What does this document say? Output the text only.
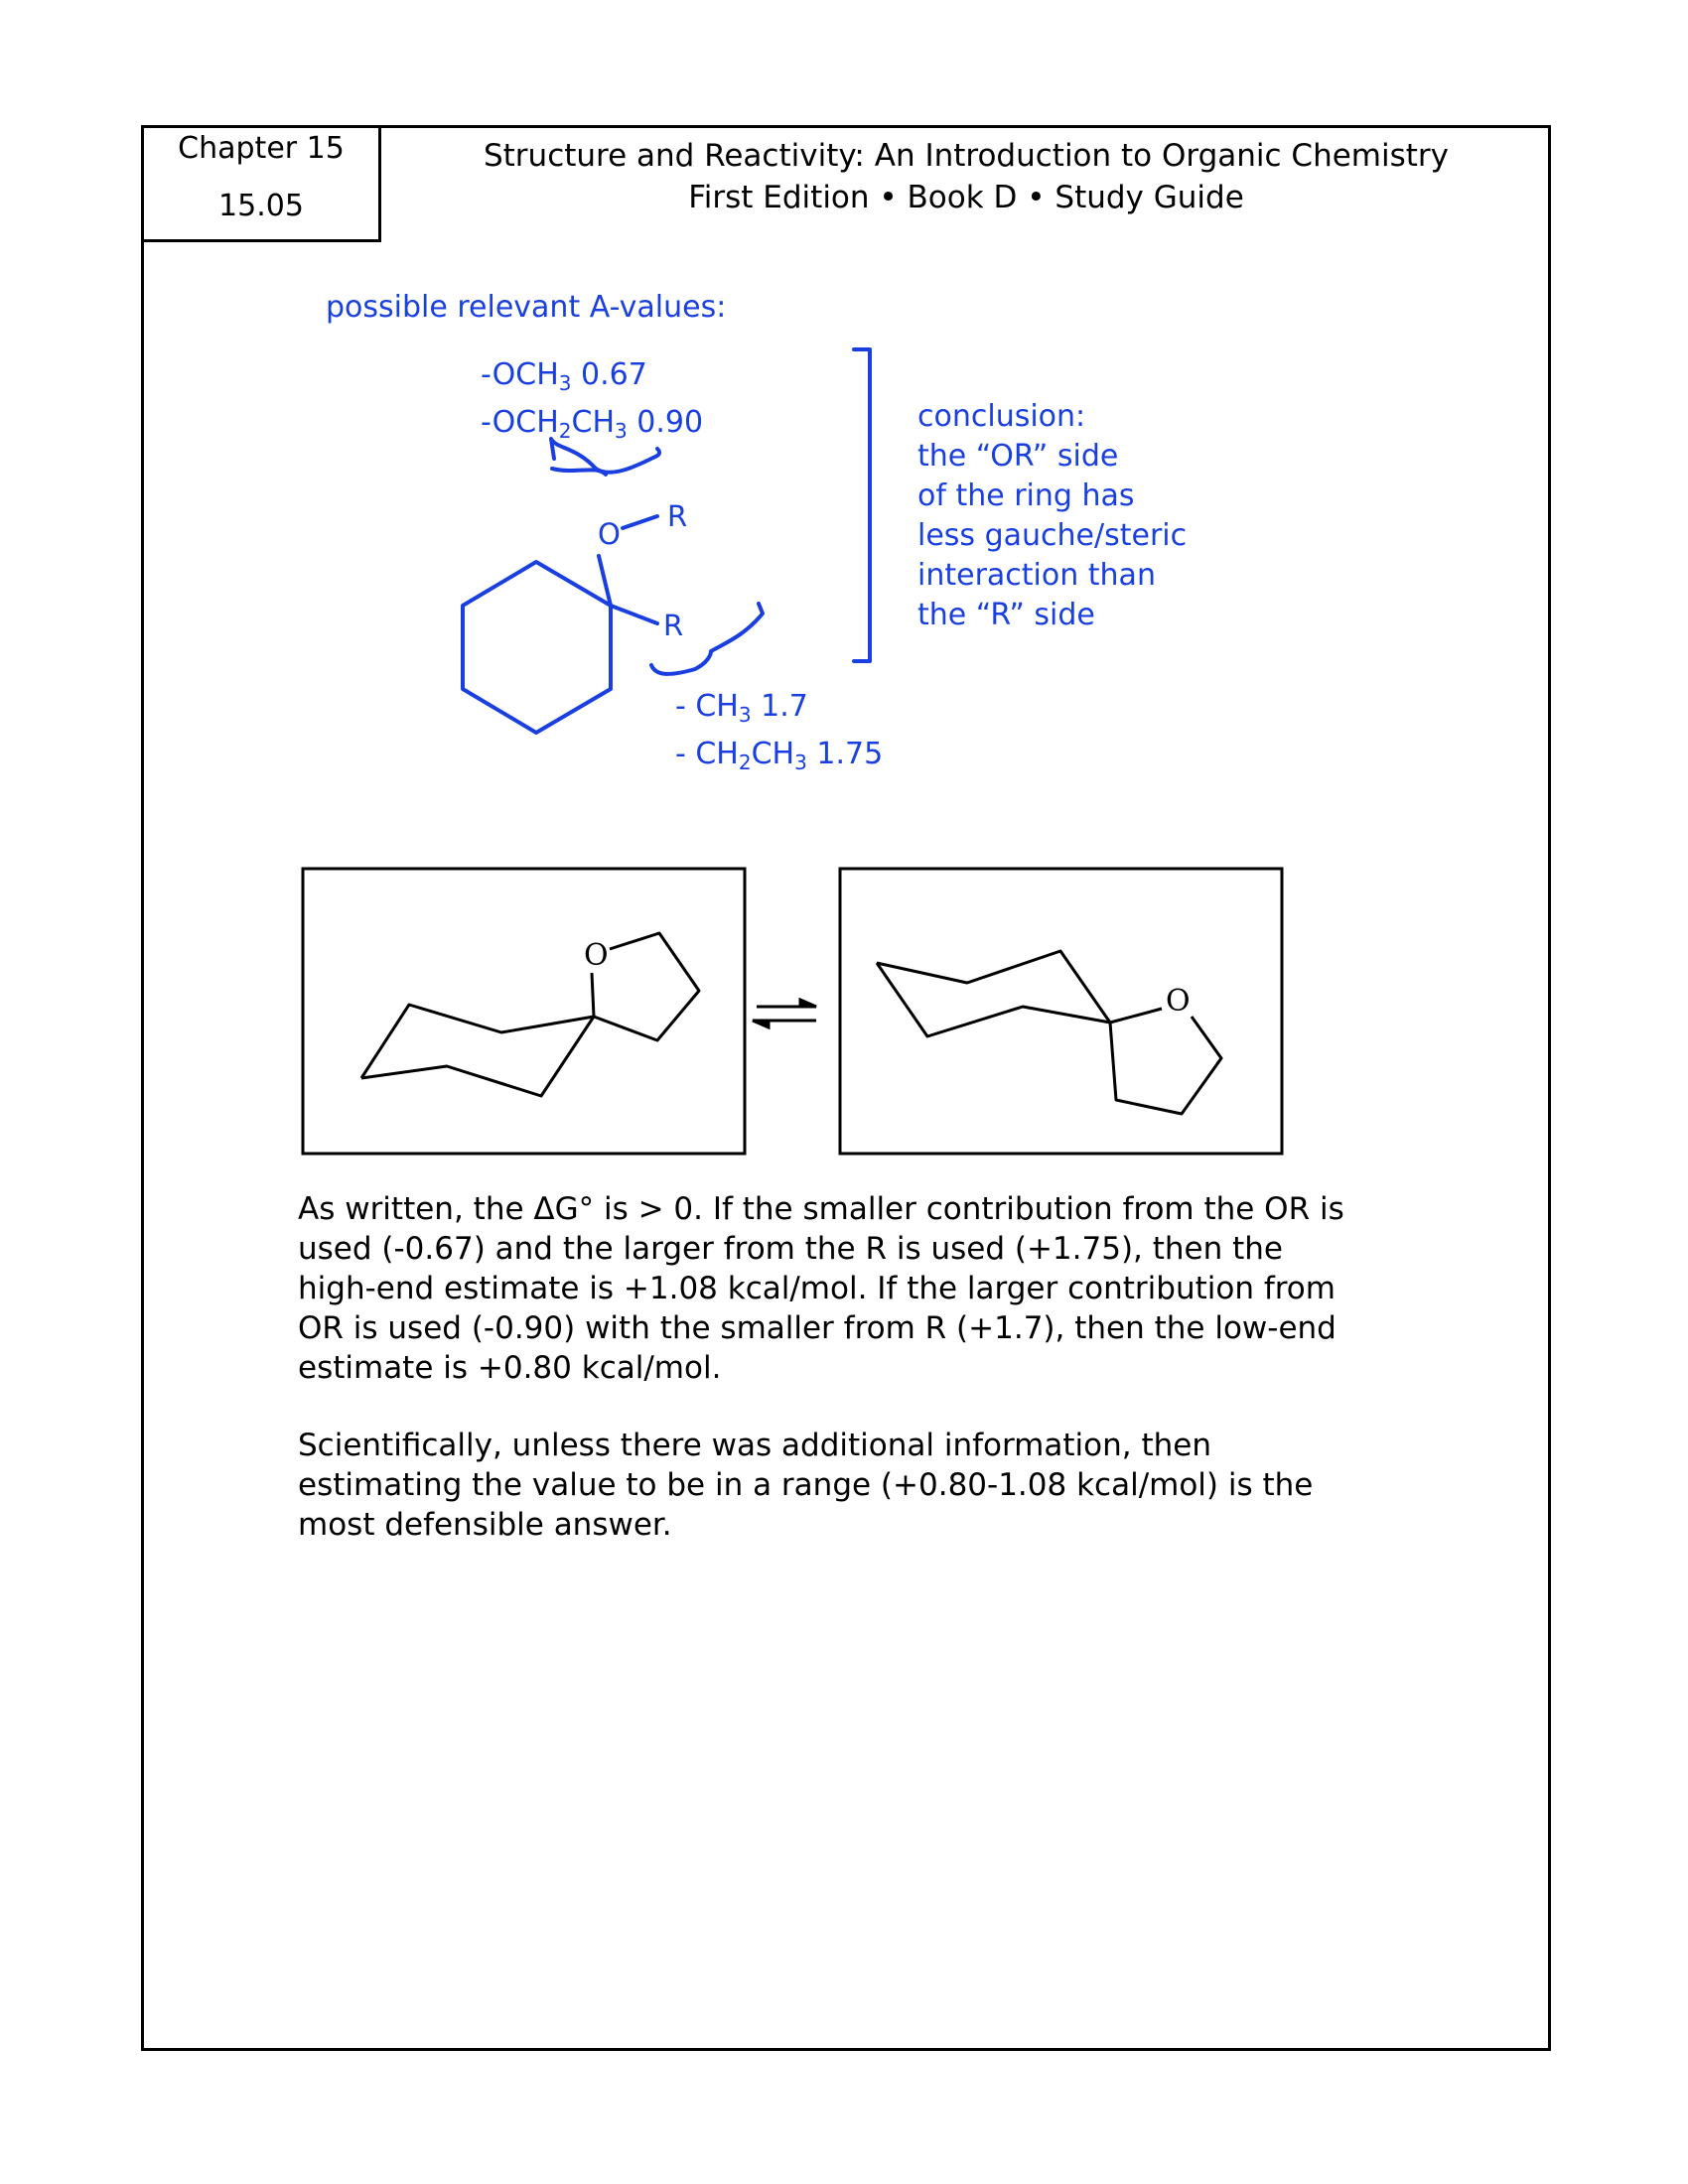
Chapter 15
15.05
Structure and Reactivity: An Introduction to Organic Chemistry
First Edition • Book D • Study Guide
possible relevant A-values:
$-OCH_3$ 0.67
$-OCH_2CH_3$ 0.90
- $CH_3$ 1.7
- $CH_2CH_3$ 1.75
conclusion:
the “OR” side
of the ring has
less gauche/steric
interaction than
the “R” side
O
R
R
O
O
As written, the ΔG° is > 0. If the smaller contribution from the OR is used (-0.67) and the larger from the R is used (+1.75), then the high-end estimate is +1.08 kcal/mol. If the larger contribution from OR is used (-0.90) with the smaller from R (+1.7), then the low-end estimate is +0.80 kcal/mol.
Scientifically, unless there was additional information, then estimating the value to be in a range (+0.80-1.08 kcal/mol) is the most defensible answer.
